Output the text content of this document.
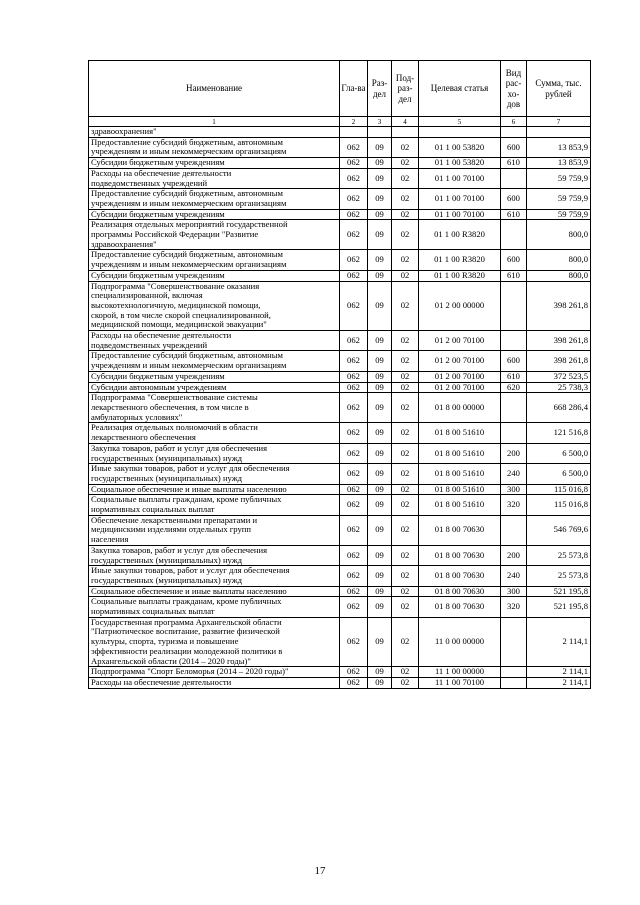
Наименование	Гла-ва	Раз-дел	Под-раз-дел	Целевая статья	Вид рас-хо-дов	Сумма, тыс. рублей
1	2	3	4	5	6	7

здравоохранения"						

Предоставление субсидий бюджетным, автономным
учреждениям и иным некоммерческим организациям	062	09	02	01 1 00 53820	600	13 853,9

Субсидии бюджетным учреждениям	062	09	02	01 1 00 53820	610	13 853,9

Расходы на обеспечение деятельности
подведомственных учреждений	062	09	02	01 1 00 70100		59 759,9

Предоставление субсидий бюджетным, автономным
учреждениям и иным некоммерческим организациям	062	09	02	01 1 00 70100	600	59 759,9

Субсидии бюджетным учреждениям	062	09	02	01 1 00 70100	610	59 759,9

Реализация отдельных мероприятий государственной
программы Российской Федерации "Развитие
здравоохранения"	062	09	02	01 1 00 R3820		800,0

Предоставление субсидий бюджетным, автономным
учреждениям и иным некоммерческим организациям	062	09	02	01 1 00 R3820	600	800,0

Субсидии бюджетным учреждениям	062	09	02	01 1 00 R3820	610	800,0

Подпрограмма "Совершенствование оказания
специализированной, включая
высокотехнологичную, медицинской помощи,
скорой, в том числе скорой специализированной,
медицинской помощи, медицинской эвакуации"	062	09	02	01 2 00 00000		398 261,8

Расходы на обеспечение деятельности
подведомственных учреждений	062	09	02	01 2 00 70100		398 261,8

Предоставление субсидий бюджетным, автономным
учреждениям и иным некоммерческим организациям	062	09	02	01 2 00 70100	600	398 261,8

Субсидии бюджетным учреждениям	062	09	02	01 2 00 70100	610	372 523,5

Субсидии автономным учреждениям	062	09	02	01 2 00 70100	620	25 738,3

Подпрограмма "Совершенствование системы
лекарственного обеспечения, в том числе в
амбулаторных условиях"	062	09	02	01 8 00 00000		668 286,4

Реализация отдельных полномочий в области
лекарственного обеспечения	062	09	02	01 8 00 51610		121 516,8

Закупка товаров, работ и услуг для обеспечения
государственных (муниципальных) нужд	062	09	02	01 8 00 51610	200	6 500,0

Иные закупки товаров, работ и услуг для обеспечения
государственных (муниципальных) нужд	062	09	02	01 8 00 51610	240	6 500,0

Социальное обеспечение и иные выплаты населению	062	09	02	01 8 00 51610	300	115 016,8

Социальные выплаты гражданам, кроме публичных
нормативных социальных выплат	062	09	02	01 8 00 51610	320	115 016,8

Обеспечение лекарственными препаратами и
медицинскими изделиями отдельных групп
населения	062	09	02	01 8 00 70630		546 769,6

Закупка товаров, работ и услуг для обеспечения
государственных (муниципальных) нужд	062	09	02	01 8 00 70630	200	25 573,8

Иные закупки товаров, работ и услуг для обеспечения
государственных (муниципальных) нужд	062	09	02	01 8 00 70630	240	25 573,8

Социальное обеспечение и иные выплаты населению	062	09	02	01 8 00 70630	300	521 195,8

Социальные выплаты гражданам, кроме публичных
нормативных социальных выплат	062	09	02	01 8 00 70630	320	521 195,8

Государственная программа Архангельской области
"Патриотическое воспитание, развитие физической
культуры, спорта, туризма и повышение
эффективности реализации молодежной политики в
Архангельской области (2014 – 2020 годы)"	062	09	02	11 0 00 00000		2 114,1

Подпрограмма "Спорт Беломорья (2014 – 2020 годы)"	062	09	02	11 1 00 00000		2 114,1

Расходы на обеспечение деятельности	062	09	02	11 1 00 70100		2 114,1
17
